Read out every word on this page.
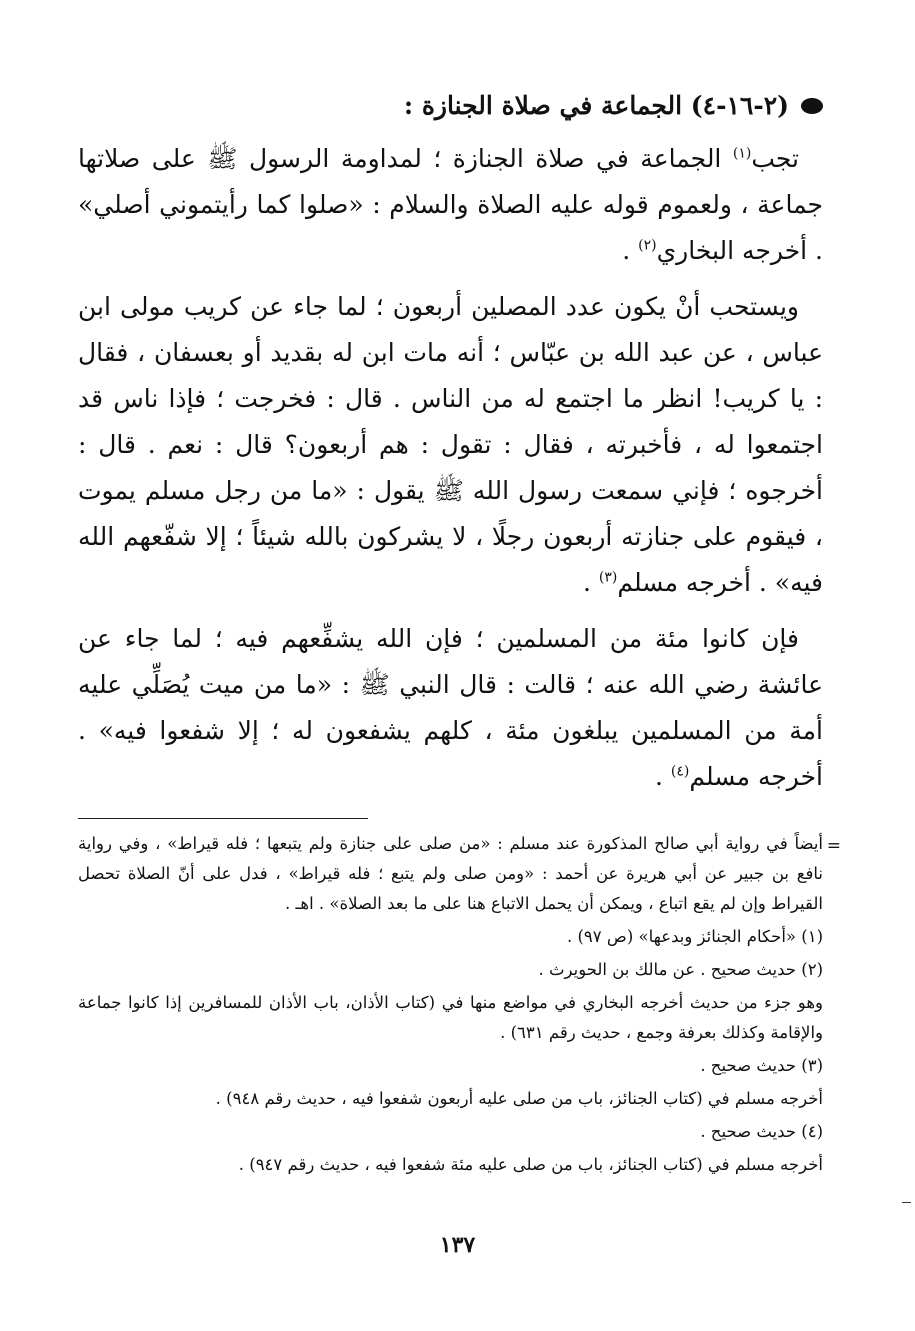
(٢-١٦-٤) الجماعة في صلاة الجنازة :

تجب$^{(١)}$ الجماعة في صلاة الجنازة ؛ لمداومة الرسول ﷺ على صلاتها جماعة ، ولعموم قوله عليه الصلاة والسلام : «صلوا كما رأيتموني أصلي» . أخرجه البخاري$^{(٢)}$ .

ويستحب أنْ يكون عدد المصلين أربعون ؛ لما جاء عن كريب مولى ابن عباس ، عن عبد الله بن عبّاس ؛ أنه مات ابن له بقديد أو بعسفان ، فقال : يا كريب! انظر ما اجتمع له من الناس . قال : فخرجت ؛ فإذا ناس قد اجتمعوا له ، فأخبرته ، فقال : تقول : هم أربعون؟ قال : نعم . قال : أخرجوه ؛ فإني سمعت رسول الله ﷺ يقول : «ما من رجل مسلم يموت ، فيقوم على جنازته أربعون رجلًا ، لا يشركون بالله شيئاً ؛ إلا شفّعهم الله فيه» . أخرجه مسلم$^{(٣)}$ .

فإن كانوا مئة من المسلمين ؛ فإن الله يشفِّعهم فيه ؛ لما جاء عن عائشة رضي الله عنه ؛ قالت : قال النبي ﷺ : «ما من ميت يُصَلِّي عليه أمة من المسلمين يبلغون مئة ، كلهم يشفعون له ؛ إلا شفعوا فيه» . أخرجه مسلم$^{(٤)}$ .

=
أيضاً في رواية أبي صالح المذكورة عند مسلم : «من صلى على جنازة ولم يتبعها ؛ فله قيراط» ، وفي رواية نافع بن جبير عن أبي هريرة عن أحمد : «ومن صلى ولم يتبع ؛ فله قيراط» ، فدل على أنّ الصلاة تحصل القيراط وإن لم يقع اتباع ، ويمكن أن يحمل الاتباع هنا على ما بعد الصلاة» . اهـ .
(١) «أحكام الجنائز وبدعها» (ص ٩٧) .
(٢) حديث صحيح . عن مالك بن الحويرث .
وهو جزء من حديث أخرجه البخاري في مواضع منها في (كتاب الأذان، باب الأذان للمسافرين إذا كانوا جماعة والإقامة وكذلك بعرفة وجمع ، حديث رقم ٦٣١) .
(٣) حديث صحيح .
أخرجه مسلم في (كتاب الجنائز، باب من صلى عليه أربعون شفعوا فيه ، حديث رقم ٩٤٨) .
(٤) حديث صحيح .
أخرجه مسلم في (كتاب الجنائز، باب من صلى عليه مئة شفعوا فيه ، حديث رقم ٩٤٧) .
١٣٧
